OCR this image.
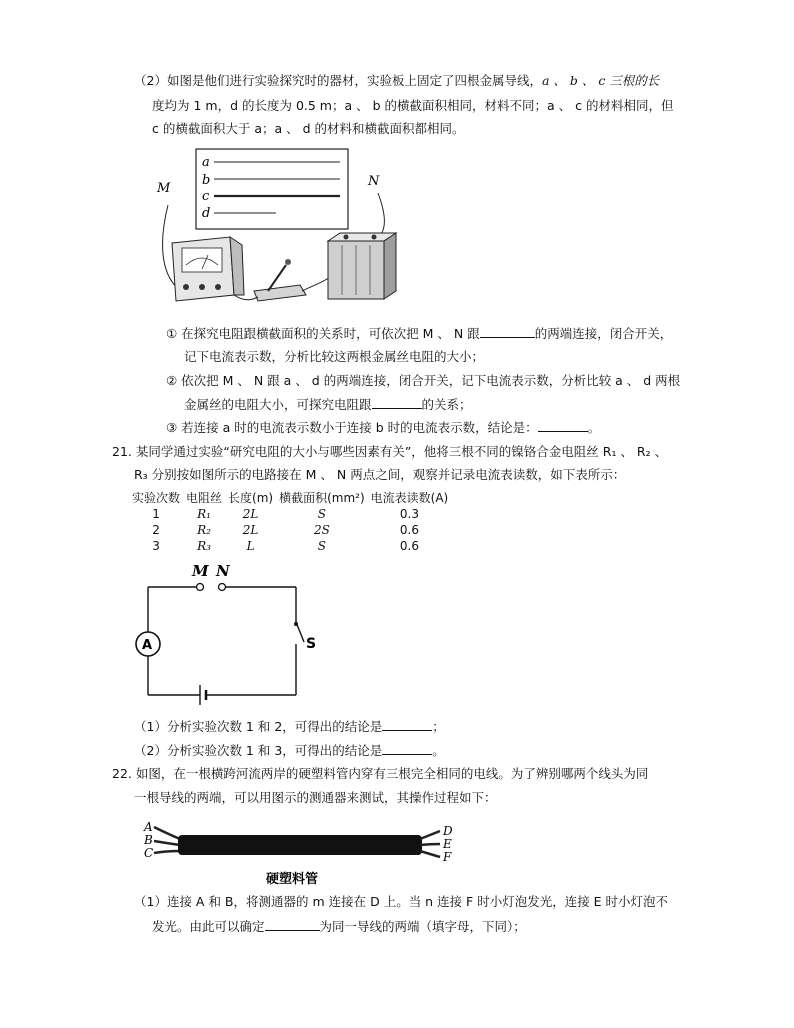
（2）如图是他们进行实验探究时的器材，实验板上固定了四根金属导线，a 、 b 、 c 三根的长
度均为 1 m，d 的长度为 0.5 m；a 、 b 的横截面积相同，材料不同；a 、 c 的材料相同，但
c 的横截面积大于 a；a 、 d 的材料和横截面积都相同。
a
b
c
d
M	N
① 在探究电阻跟横截面积的关系时，可依次把 M 、 N 跟	的两端连接，闭合开关，
记下电流表示数，分析比较这两根金属丝电阻的大小；
② 依次把 M 、 N 跟 a 、 d 的两端连接，闭合开关，记下电流表示数，分析比较 a 、 d 两根
金属丝的电阻大小，可探究电阻跟	的关系；
③ 若连接 a 时的电流表示数小于连接 b 时的电流表示数，结论是：	。
21. 某同学通过实验“研究电阻的大小与哪些因素有关”，他将三根不同的镍铬合金电阻丝 R₁ 、 R₂ 、
R₃ 分别按如图所示的电路接在 M 、 N 两点之间，观察并记录电流表读数，如下表所示：
实验次数	电阻丝	长度(m)	横截面积(mm²)	电流表读数(A)
1	R₁	2L	S	0.3
2	R₂	2L	2S	0.6
3	R₃	L	S	0.6
M N
S
A
（1）分析实验次数 1 和 2，可得出的结论是	；
（2）分析实验次数 1 和 3，可得出的结论是	。
22. 如图，在一根横跨河流两岸的硬塑料管内穿有三根完全相同的电线。为了辨别哪两个线头为同
一根导线的两端，可以用图示的测通器来测试，其操作过程如下：
A
B
C
D
E
F
硬塑料管
（1）连接 A 和 B，将测通器的 m 连接在 D 上。当 n 连接 F 时小灯泡发光，连接 E 时小灯泡不
发光。由此可以确定	为同一导线的两端（填字母，下同）；
